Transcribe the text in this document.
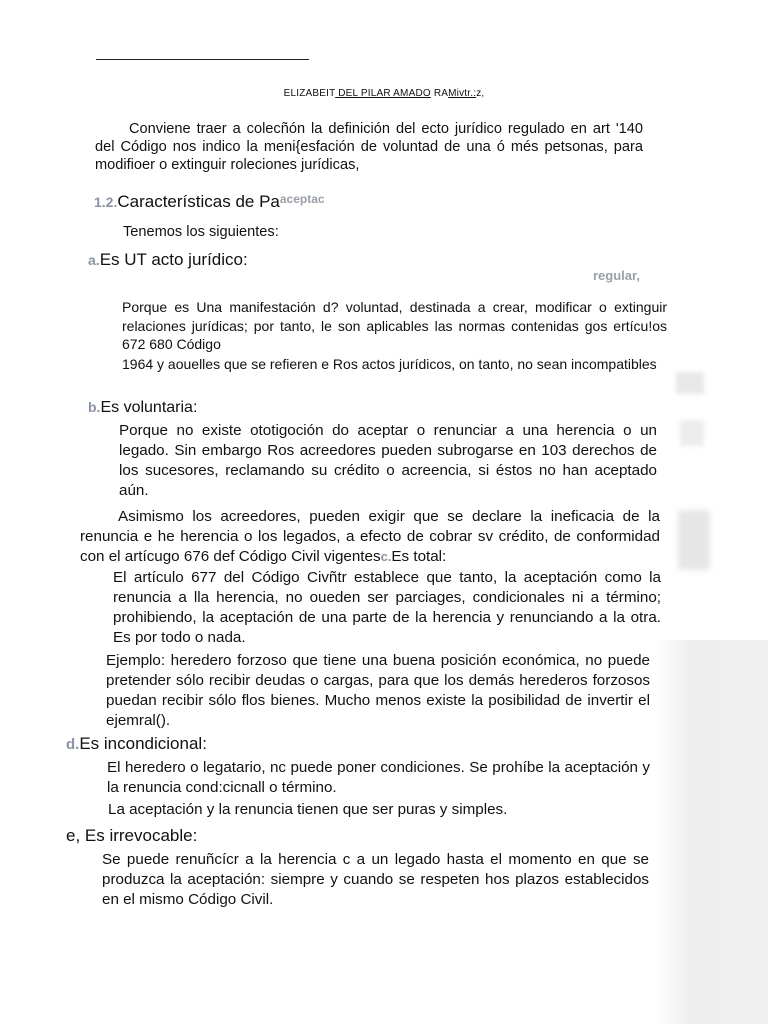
ELIZABEIT DEL PILAR AMADO RAMivtr.:z,

Conviene traer a colecñón la definición del ecto jurídico regulado en art '140 del Código nos indico la meni{esfación de voluntad de una ó més petsonas, para modifioer o extinguir roleciones jurídicas,

1.2.Características de $Pa^{aceptac}$
Tenemos los siguientes:
a.Es UT acto jurídico:
regular,

Porque es Una manifestación d? voluntad, destinada a crear, modificar o extinguir relaciones jurídicas; por tanto, le son aplicables las normas contenidas gos ertícu!os 672 680 Código

1964 y aouelles que se refieren e Ros actos jurídicos, on tanto, no sean incompatibles

b.Es voluntaria:

Porque no existe ototigoción do aceptar o renunciar a una herencia o un legado. Sin embargo Ros acreedores pueden subrogarse en 103 derechos de los sucesores, reclamando su crédito o acreencia, si éstos no han aceptado aún.

Asimismo los acreedores, pueden exigir que se declare la ineficacia de la renuncia e he herencia o los legados, a efecto de cobrar sv crédito, de conformidad con el artícugo 676 def Código Civil vigentesc.Es total:

El artículo 677 del Código Civñtr establece que tanto, la aceptación como la renuncia a lla herencia, no oueden ser parciages, condicionales ni a término; prohibiendo, la aceptación de una parte de la herencia y renunciando a la otra. Es por todo o nada.

Ejemplo: heredero forzoso que tiene una buena posición económica, no puede pretender sólo recibir deudas o cargas, para que los demás herederos forzosos puedan recibir sólo flos bienes. Mucho menos existe la posibilidad de invertir el ejemral().

d.Es incondicional:

El heredero o legatario, nc puede poner condiciones. Se prohíbe la aceptación y la renuncia cond:cicnall o término.

La aceptación y la renuncia tienen que ser puras y simples.

e, Es irrevocable:

Se puede renuñcícr a la herencia c a un legado hasta el momento en que se produzca la aceptación: siempre y cuando se respeten hos plazos establecidos en el mismo Código Civil.
